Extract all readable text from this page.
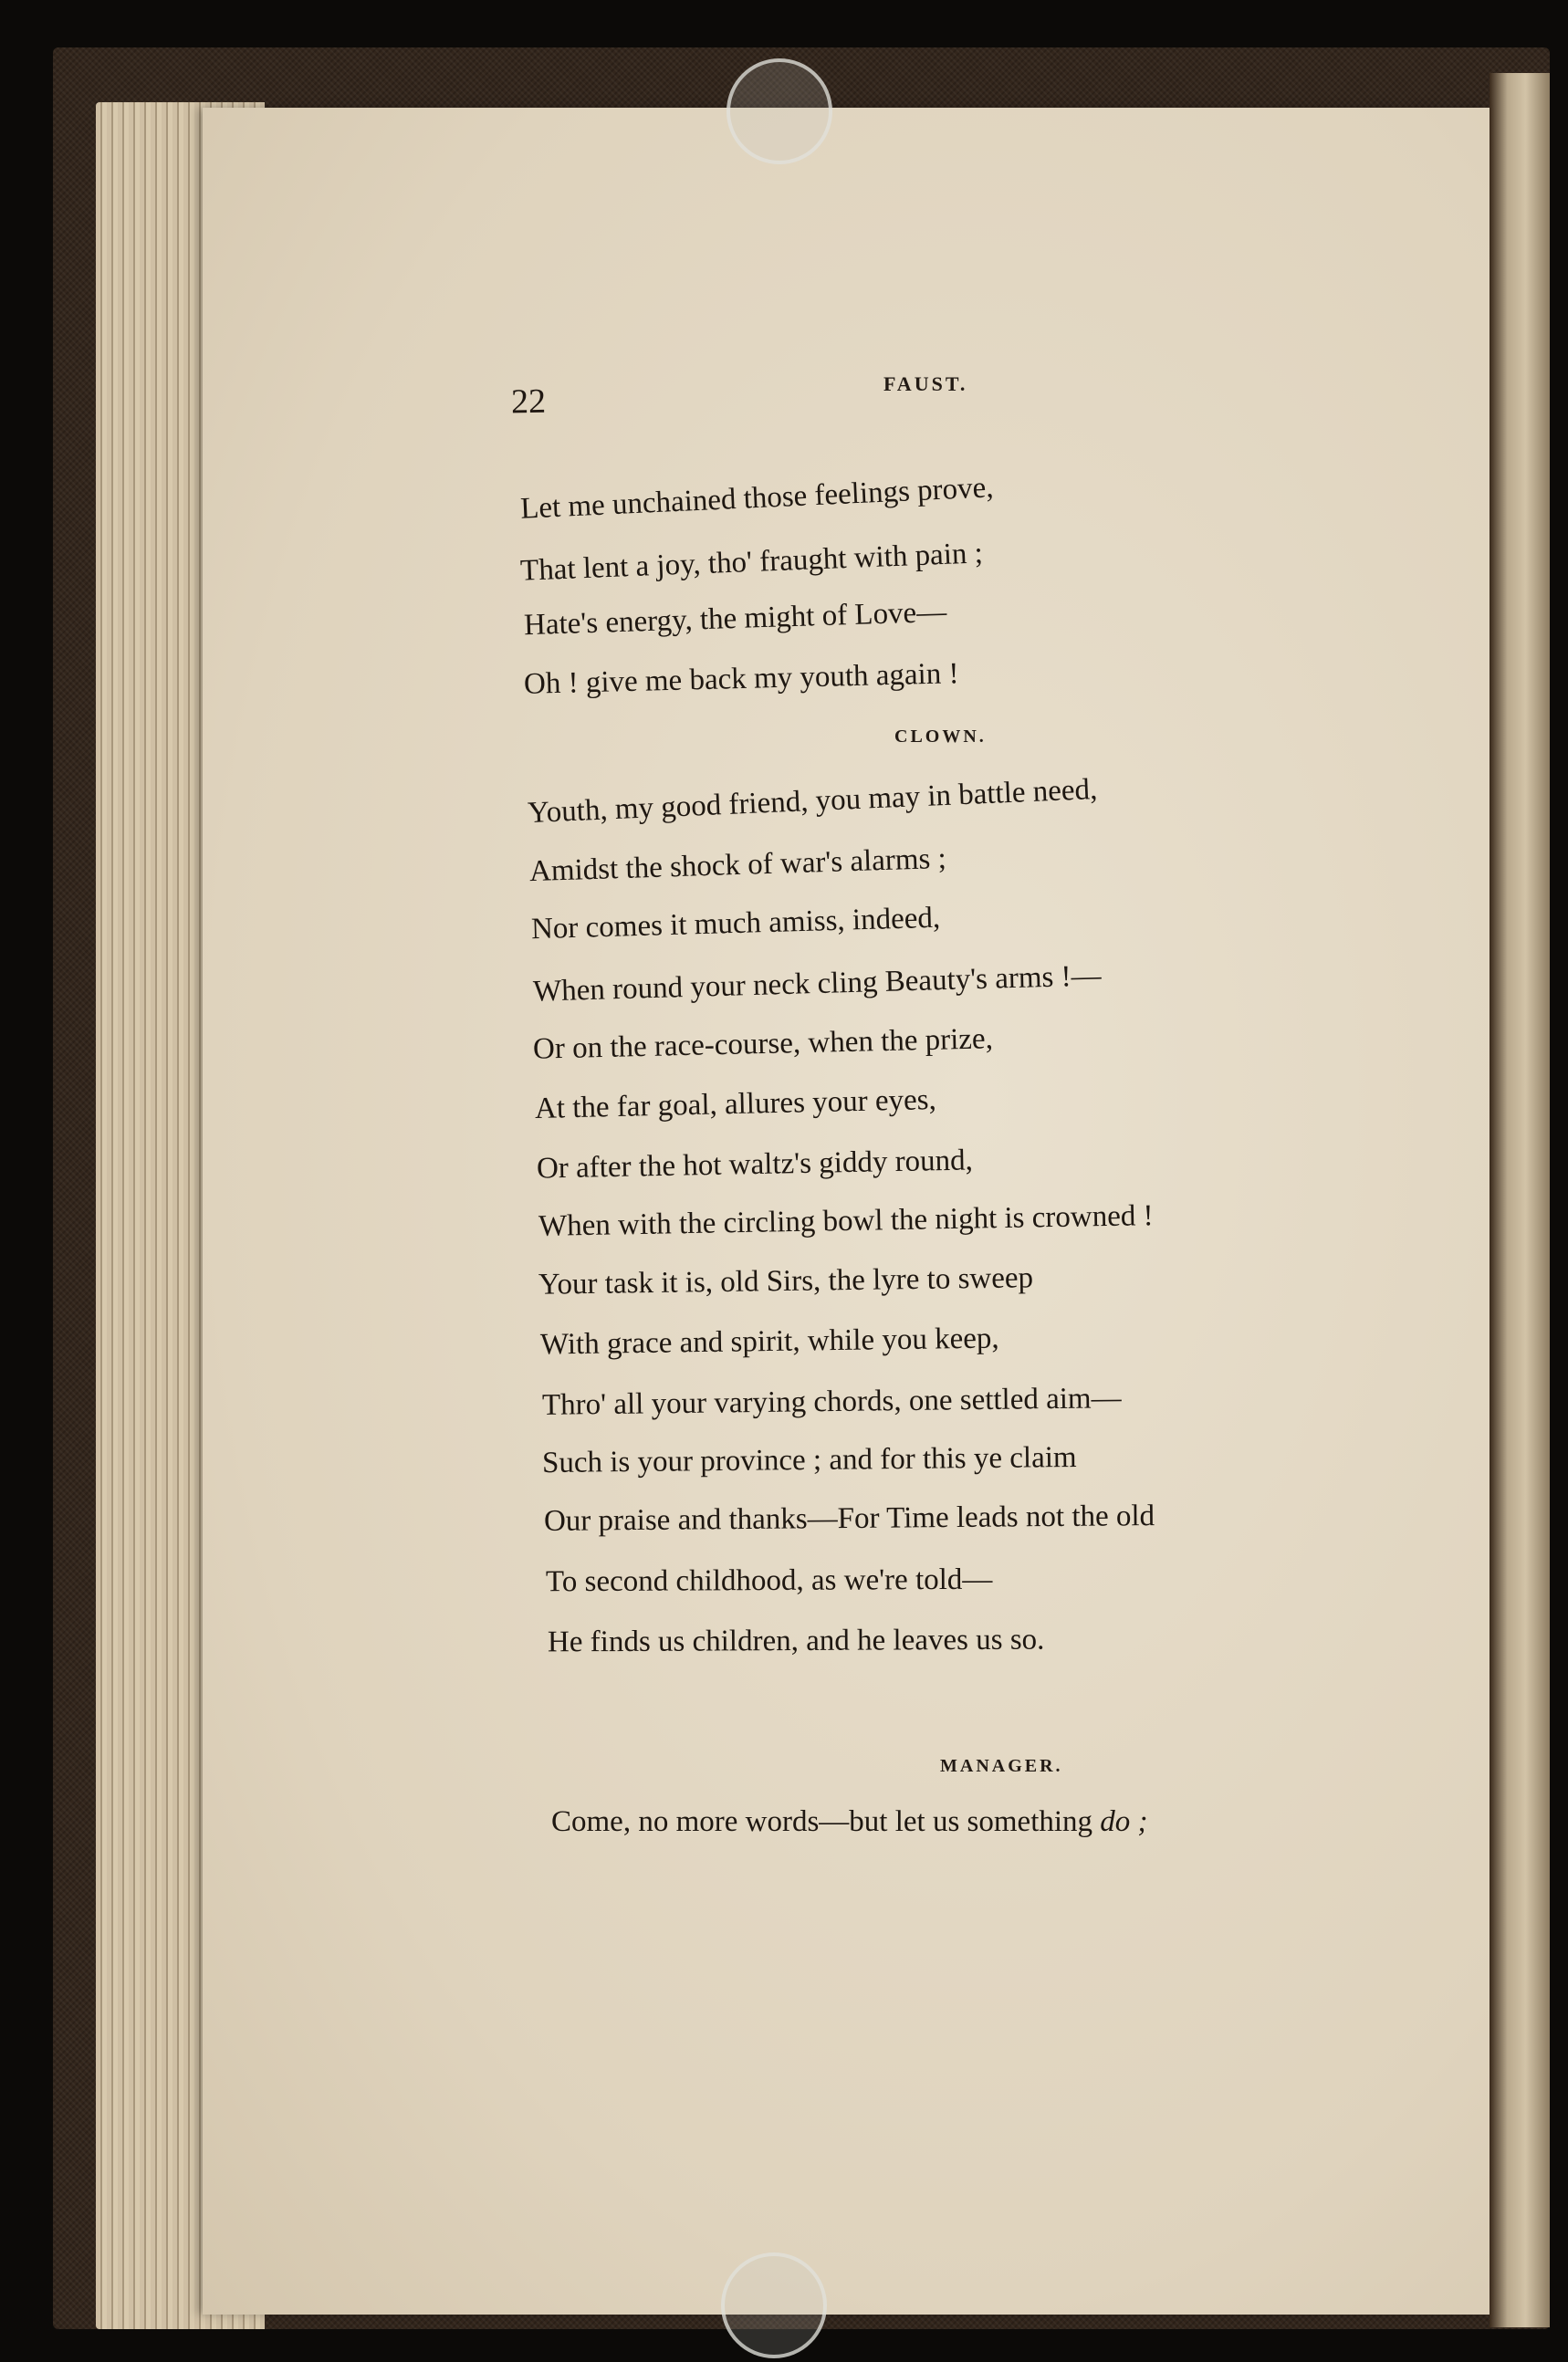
22	FAUST.
Let me unchained those feelings prove,
That lent a joy, tho' fraught with pain ;
Hate's energy, the might of Love—
Oh ! give me back my youth again !
CLOWN.
Youth, my good friend, you may in battle need,
Amidst the shock of war's alarms ;
Nor comes it much amiss, indeed,
When round your neck cling Beauty's arms !—
Or on the race-course, when the prize,
At the far goal, allures your eyes,
Or after the hot waltz's giddy round,
When with the circling bowl the night is crowned !
Your task it is, old Sirs, the lyre to sweep
With grace and spirit, while you keep,
Thro' all your varying chords, one settled aim—
Such is your province ; and for this ye claim
Our praise and thanks—For Time leads not the old
To second childhood, as we're told—
He finds us children, and he leaves us so.
MANAGER.
Come, no more words—but let us something do ;
